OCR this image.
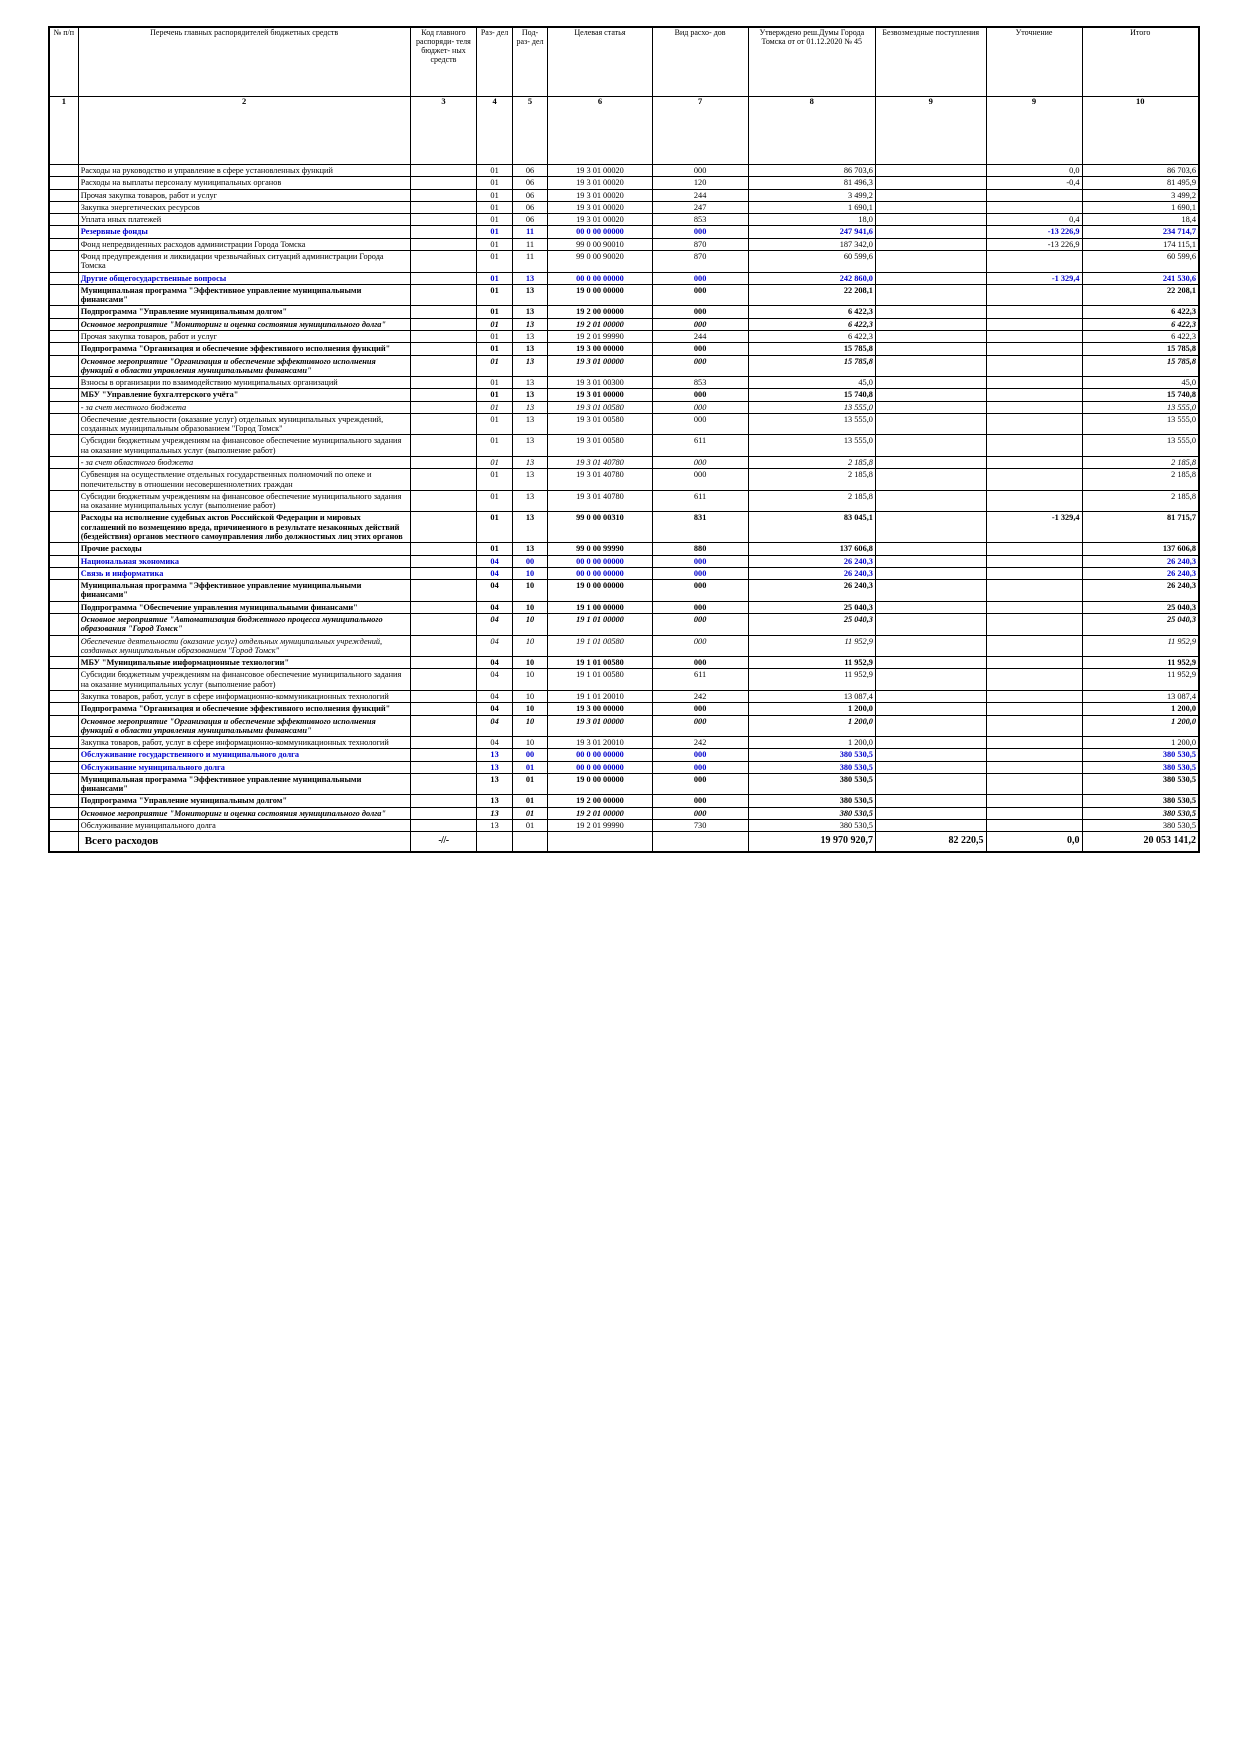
№ п/п	Перечень главных распорядителей бюджетных средств	Код главного распоряди- теля бюджет- ных средств	Раз- дел	Под- раз- дел	Целевая статья	Вид расхо- дов	Утверждено реш.Думы Города Томска от от 01.12.2020 № 45	Безвозмездные поступления	Уточнение	Итого
1	2	3	4	5	6	7	8	9	9	10
	Расходы на руководство и управление в сфере установленных функций		01	06	19 3 01 00020	000	86 703,6		0,0	86 703,6
	Расходы на выплаты персоналу муниципальных органов		01	06	19 3 01 00020	120	81 496,3		-0,4	81 495,9
	Прочая закупка товаров, работ и услуг		01	06	19 3 01 00020	244	3 499,2			3 499,2
	Закупка энергетических ресурсов		01	06	19 3 01 00020	247	1 690,1			1 690,1
	Уплата иных платежей		01	06	19 3 01 00020	853	18,0		0,4	18,4
	Резервные фонды		01	11	00 0 00 00000	000	247 941,6		-13 226,9	234 714,7
	Фонд непредвиденных расходов администрации Города Томска		01	11	99 0 00 90010	870	187 342,0		-13 226,9	174 115,1
	Фонд предупреждения и ликвидации чрезвычайных ситуаций администрации Города Томска		01	11	99 0 00 90020	870	60 599,6			60 599,6
	Другие общегосударственные вопросы		01	13	00 0 00 00000	000	242 860,0		-1 329,4	241 530,6
	Муниципальная программа "Эффективное управление муниципальными финансами"		01	13	19 0 00 00000	000	22 208,1			22 208,1
	Подпрограмма "Управление муниципальным долгом"		01	13	19 2 00 00000	000	6 422,3			6 422,3
	Основное мероприятие "Мониторинг и оценка состояния муниципального долга"		01	13	19 2 01 00000	000	6 422,3			6 422,3
	Прочая закупка товаров, работ и услуг		01	13	19 2 01 99990	244	6 422,3			6 422,3
	Подпрограмма "Организация и обеспечение эффективного исполнения функций"		01	13	19 3 00 00000	000	15 785,8			15 785,8
	Основное мероприятие "Организация и обеспечение эффективного исполнения функций в области управления муниципальными финансами"		01	13	19 3 01 00000	000	15 785,8			15 785,8
	Взносы в организации по взаимодействию муниципальных организаций		01	13	19 3 01 00300	853	45,0			45,0
	МБУ "Управление бухгалтерского учёта"		01	13	19 3 01 00000	000	15 740,8			15 740,8
	- за счет местного бюджета		01	13	19 3 01 00580	000	13 555,0			13 555,0
	Обеспечение деятельности (оказание услуг) отдельных муниципальных учреждений, созданных муниципальным образованием "Город Томск"		01	13	19 3 01 00580	000	13 555,0			13 555,0
	Субсидии бюджетным учреждениям на финансовое обеспечение муниципального задания на оказание муниципальных услуг (выполнение работ)		01	13	19 3 01 00580	611	13 555,0			13 555,0
	- за счет областного бюджета		01	13	19 3 01 40780	000	2 185,8			2 185,8
	Субвенция на осуществление отдельных государственных полномочий по опеке и попечительству в отношении несовершеннолетних граждан		01	13	19 3 01 40780	000	2 185,8			2 185,8
	Субсидии бюджетным учреждениям на финансовое обеспечение муниципального задания на оказание муниципальных услуг (выполнение работ)		01	13	19 3 01 40780	611	2 185,8			2 185,8
	Расходы на исполнение судебных актов Российской Федерации и мировых соглашений по возмещению вреда, причиненного в результате незаконных действий (бездействия) органов местного самоуправления либо должностных лиц этих органов		01	13	99 0 00 00310	831	83 045,1		-1 329,4	81 715,7
	Прочие расходы		01	13	99 0 00 99990	880	137 606,8			137 606,8
	Национальная экономика		04	00	00 0 00 00000	000	26 240,3			26 240,3
	Связь и информатика		04	10	00 0 00 00000	000	26 240,3			26 240,3
	Муниципальная программа "Эффективное управление муниципальными финансами"		04	10	19 0 00 00000	000	26 240,3			26 240,3
	Подпрограмма "Обеспечение управления муниципальными финансами"		04	10	19 1 00 00000	000	25 040,3			25 040,3
	Основное мероприятие "Автоматизация бюджетного процесса муниципального образования "Город Томск"		04	10	19 1 01 00000	000	25 040,3			25 040,3
	Обеспечение деятельности (оказание услуг) отдельных муниципальных учреждений, созданных муниципальным образованием "Город Томск"		04	10	19 1 01 00580	000	11 952,9			11 952,9
	МБУ "Муниципальные информационные технологии"		04	10	19 1 01 00580	000	11 952,9			11 952,9
	Субсидии бюджетным учреждениям на финансовое обеспечение муниципального задания на оказание муниципальных услуг (выполнение работ)		04	10	19 1 01 00580	611	11 952,9			11 952,9
	Закупка товаров, работ, услуг в сфере информационно-коммуникационных технологий		04	10	19 1 01 20010	242	13 087,4			13 087,4
	Подпрограмма "Организация и обеспечение эффективного исполнения функций"		04	10	19 3 00 00000	000	1 200,0			1 200,0
	Основное мероприятие "Организация и обеспечение эффективного исполнения функций в области управления муниципальными финансами"		04	10	19 3 01 00000	000	1 200,0			1 200,0
	Закупка товаров, работ, услуг в сфере информационно-коммуникационных технологий		04	10	19 3 01 20010	242	1 200,0			1 200,0
	Обслуживание государственного и муниципального долга		13	00	00 0 00 00000	000	380 530,5			380 530,5
	Обслуживание муниципального долга		13	01	00 0 00 00000	000	380 530,5			380 530,5
	Муниципальная программа "Эффективное управление муниципальными финансами"		13	01	19 0 00 00000	000	380 530,5			380 530,5
	Подпрограмма "Управление муниципальным долгом"		13	01	19 2 00 00000	000	380 530,5			380 530,5
	Основное мероприятие "Мониторинг и оценка состояния муниципального долга"		13	01	19 2 01 00000	000	380 530,5			380 530,5
	Обслуживание муниципального долга		13	01	19 2 01 99990	730	380 530,5			380 530,5
	Всего расходов	-//-					19 970 920,7	82 220,5	0,0	20 053 141,2
